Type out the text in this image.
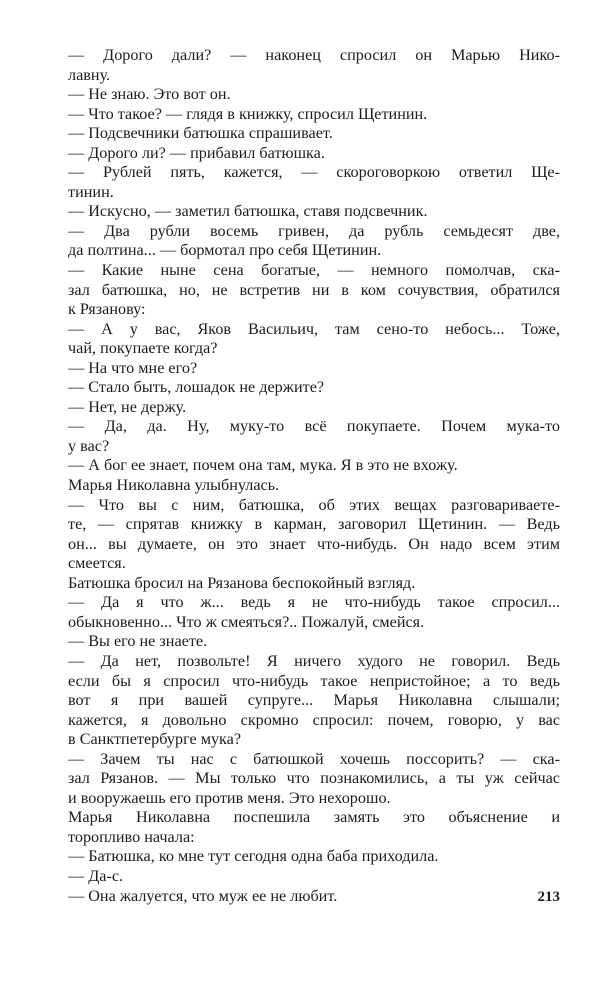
— Дорого дали? — наконец спросил он Марью Нико-
лавну.
— Не знаю. Это вот он.
— Что такое? — глядя в книжку, спросил Щетинин.
— Подсвечники батюшка спрашивает.
— Дорого ли? — прибавил батюшка.
— Рублей пять, кажется, — скороговоркою ответил Ще-
тинин.
— Искусно, — заметил батюшка, ставя подсвечник.
— Два рубли восемь гривен, да рубль семьдесят две,
да полтина... — бормотал про себя Щетинин.
— Какие ныне сена богатые, — немного помолчав, ска-
зал батюшка, но, не встретив ни в ком сочувствия, обратился
к Рязанову:
— А у вас, Яков Васильич, там сено-то небось... Тоже,
чай, покупаете когда?
— На что мне его?
— Стало быть, лошадок не держите?
— Нет, не держу.
— Да, да. Ну, муку-то всё покупаете. Почем мука-то
у вас?
— А бог ее знает, почем она там, мука. Я в это не вхожу.
Марья Николавна улыбнулась.
— Что вы с ним, батюшка, об этих вещах разговариваете-
те, — спрятав книжку в карман, заговорил Щетинин. — Ведь
он... вы думаете, он это знает что-нибудь. Он надо всем этим
смеется.
Батюшка бросил на Рязанова беспокойный взгляд.
— Да я что ж... ведь я не что-нибудь такое спросил...
обыкновенно... Что ж смеяться?.. Пожалуй, смейся.
— Вы его не знаете.
— Да нет, позвольте! Я ничего худого не говорил. Ведь
если бы я спросил что-нибудь такое непристойное; а то ведь
вот я при вашей супруге... Марья Николавна слышали;
кажется, я довольно скромно спросил: почем, говорю, у вас
в Санктпетербурге мука?
— Зачем ты нас с батюшкой хочешь поссорить? — ска-
зал Рязанов. — Мы только что познакомились, а ты уж сейчас
и вооружаешь его против меня. Это нехорошо.
Марья Николавна поспешила замять это объяснение и
торопливо начала:
— Батюшка, ко мне тут сегодня одна баба приходила.
— Да-с.
— Она жалуется, что муж ее не любит.	213
